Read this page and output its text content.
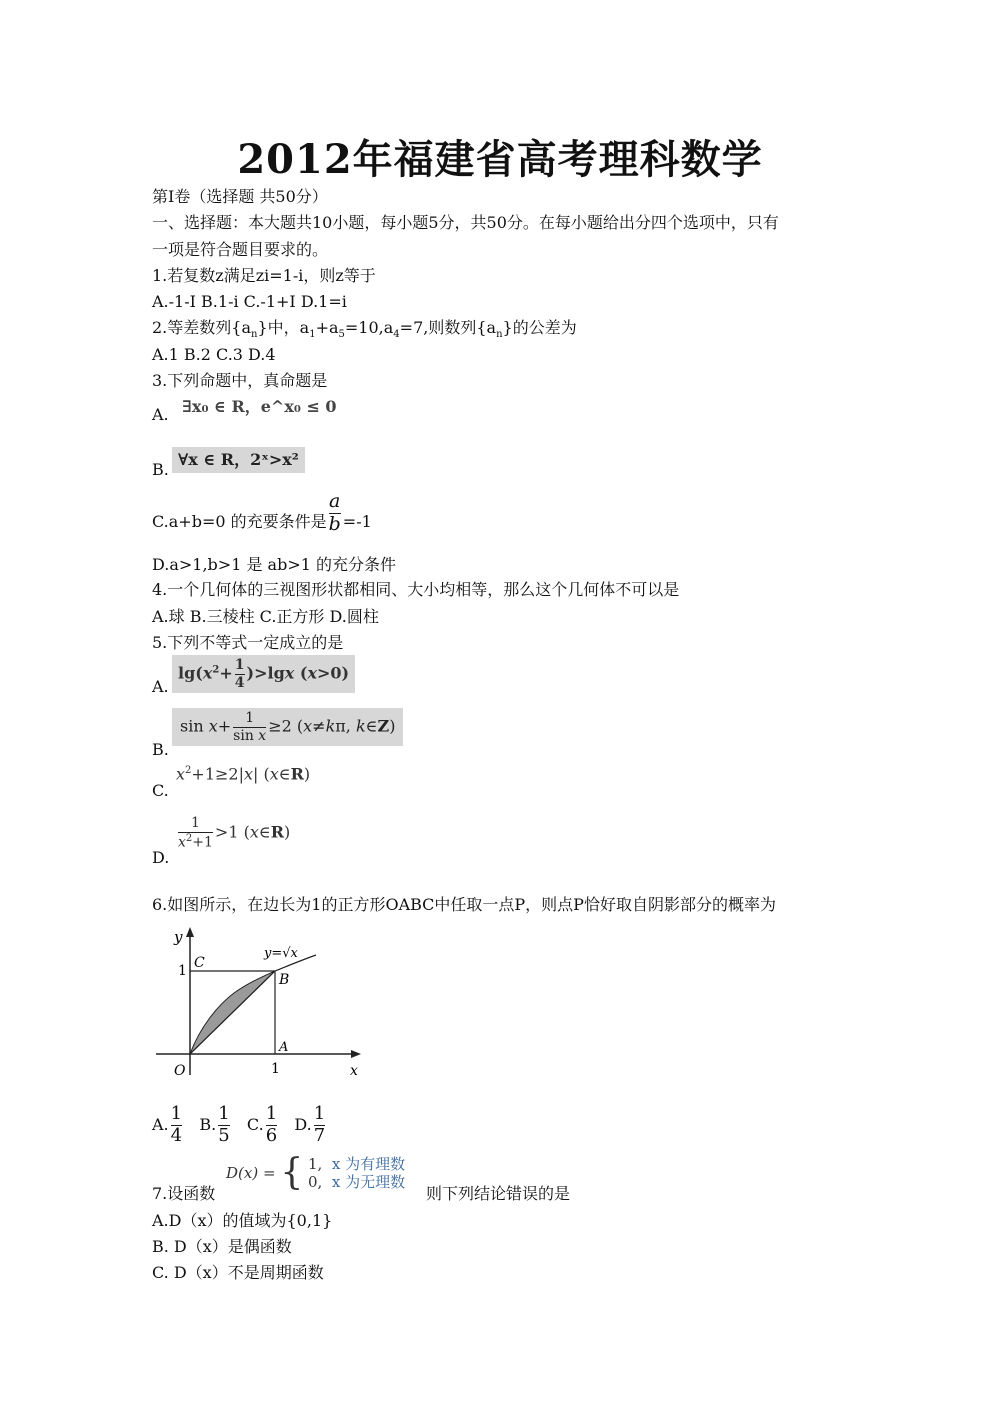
2012年福建省高考理科数学
第Ⅰ卷（选择题 共50分）
一、选择题：本大题共10小题，每小题5分，共50分。在每小题给出分四个选项中，只有
一项是符合题目要求的。
1.若复数z满足zi=1-i，则z等于
A.-1-I B.1-i C.-1+I D.1=i
2.等差数列$\{a_n\}$中，$a_1+a_5=10,a_4=7$,则数列$\{a_n\}$的公差为
A.1 B.2 C.3 D.4
3.下列命题中，真命题是
A. ∃x₀ ∈ R，e^x₀ ≤ 0
B.
∀x ∈ R，2ˣ>x²
C.a+b=0 的充要条件是 $\frac{a}{b} =-1$
D.a>1,b>1 是 ab>1 的充分条件
4.一个几何体的三视图形状都相同、大小均相等，那么这个几何体不可以是
A.球 B.三棱柱 C.正方形 D.圆柱
5.下列不等式一定成立的是
A.
$\lg(x^2+ \frac{1}{4} )>\lg x$ (x>0)
B.
$\sin x+ \frac{1}{\text{sin x}} \ge 2$ (x≠kπ, k∈Z)
C.
$x^2+1\ge 2|x|$ (x∈R)
D.
$\frac{1}{x^2+1} >1$ (x∈R)
6.如图所示，在边长为1的正方形OABC中任取一点P，则点P恰好取自阴影部分的概率为
y
x
O
1
1
C
B
A
y=√x
A. $\frac{1}{4} B$. $\frac{1}{5} C$. $\frac{1}{6} D$. $\frac{1}{7}$
7.设函数
D(x) = { 1, x 为有理数
0, x 为无理数
则下列结论错误的是
A.D（x）的值域为{0,1}
B. D（x）是偶函数
C. D（x）不是周期函数
